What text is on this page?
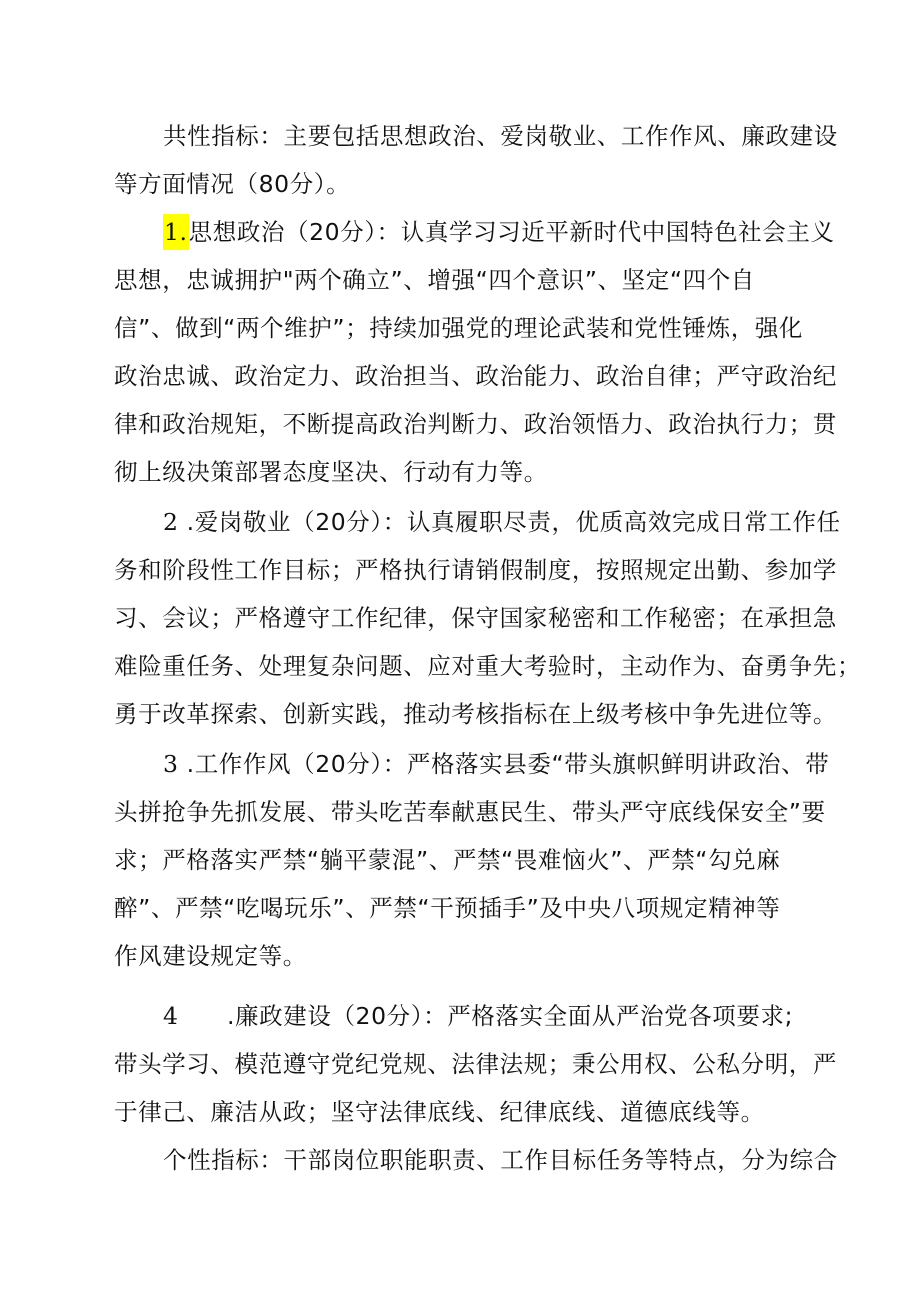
共性指标：主要包括思想政治、爱岗敬业、工作作风、廉政建设
等方面情况（80分）。
1.思想政治（20分）：认真学习习近平新时代中国特色社会主义
思想，忠诚拥护"两个确立”、增强“四个意识”、坚定“四个自
信”、做到“两个维护”；持续加强党的理论武装和党性锤炼，强化
政治忠诚、政治定力、政治担当、政治能力、政治自律；严守政治纪
律和政治规矩，不断提高政治判断力、政治领悟力、政治执行力；贯
彻上级决策部署态度坚决、行动有力等。
2 .爱岗敬业（20分）：认真履职尽责，优质高效完成日常工作任
务和阶段性工作目标；严格执行请销假制度，按照规定出勤、参加学
习、会议；严格遵守工作纪律，保守国家秘密和工作秘密；在承担急
难险重任务、处理复杂问题、应对重大考验时，主动作为、奋勇争先；
勇于改革探索、创新实践，推动考核指标在上级考核中争先进位等。
3 .工作作风（20分）：严格落实县委“带头旗帜鲜明讲政治、带
头拼抢争先抓发展、带头吃苦奉献惠民生、带头严守底线保安全”要
求；严格落实严禁“躺平蒙混”、严禁“畏难恼火”、严禁“勾兑麻
醉”、严禁“吃喝玩乐”、严禁“干预插手”及中央八项规定精神等
作风建设规定等。
4      .廉政建设（20分）：严格落实全面从严治党各项要求;
带头学习、模范遵守党纪党规、法律法规；秉公用权、公私分明，严
于律己、廉洁从政；坚守法律底线、纪律底线、道德底线等。
个性指标：干部岗位职能职责、工作目标任务等特点，分为综合
